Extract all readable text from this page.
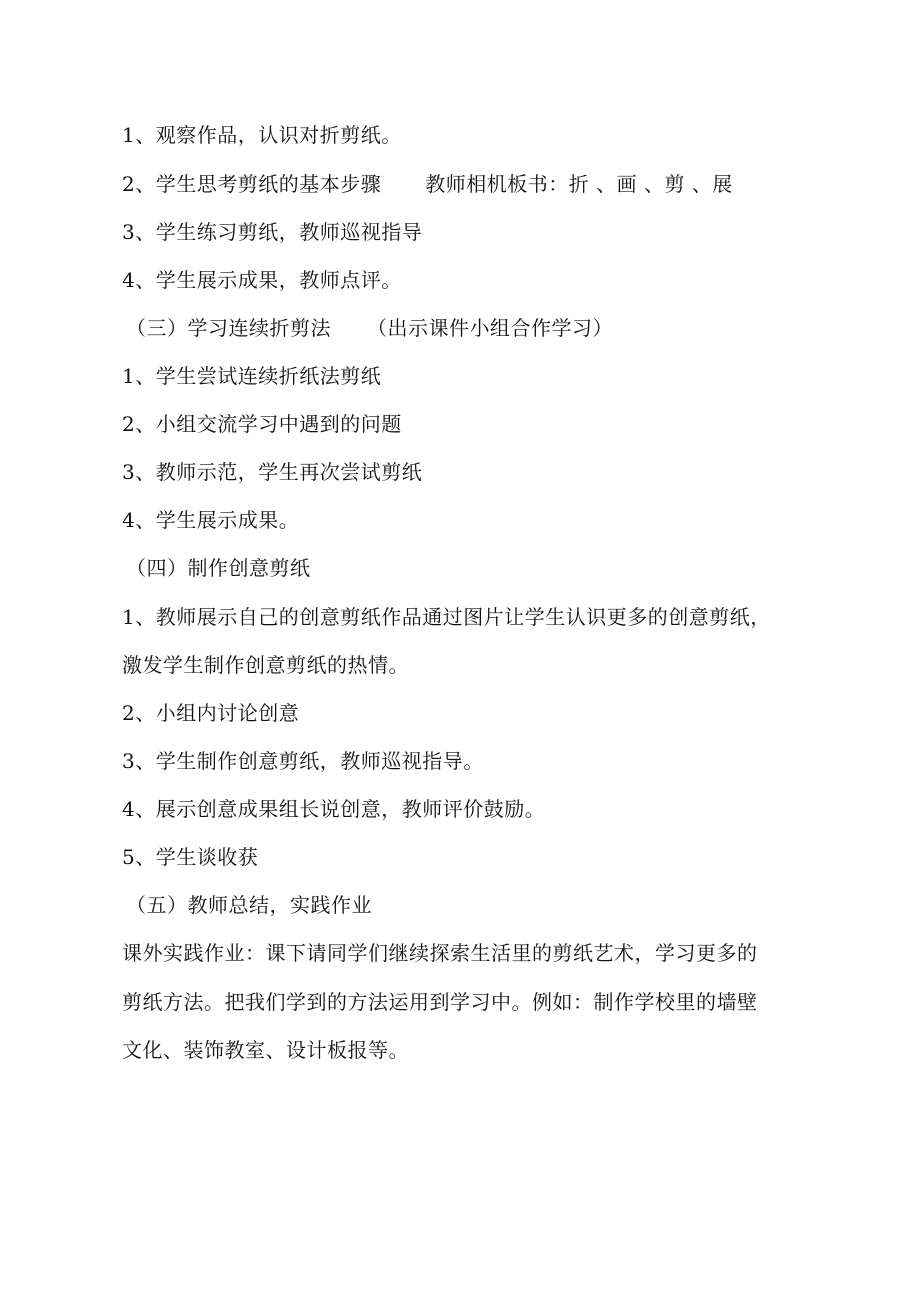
1、观察作品，认识对折剪纸。
2、学生思考剪纸的基本步骤 教师相机板书：折 、画 、剪 、展
3、学生练习剪纸，教师巡视指导
4、学生展示成果，教师点评。
（三）学习连续折剪法 （出示课件小组合作学习）
1、学生尝试连续折纸法剪纸
2、小组交流学习中遇到的问题
3、教师示范，学生再次尝试剪纸
4、学生展示成果。
（四）制作创意剪纸
1、教师展示自己的创意剪纸作品通过图片让学生认识更多的创意剪纸，
激发学生制作创意剪纸的热情。
2、小组内讨论创意
3、学生制作创意剪纸，教师巡视指导。
4、展示创意成果组长说创意，教师评价鼓励。
5、学生谈收获
（五）教师总结，实践作业
课外实践作业：课下请同学们继续探索生活里的剪纸艺术，学习更多的
剪纸方法。把我们学到的方法运用到学习中。例如：制作学校里的墙壁
文化、装饰教室、设计板报等。
